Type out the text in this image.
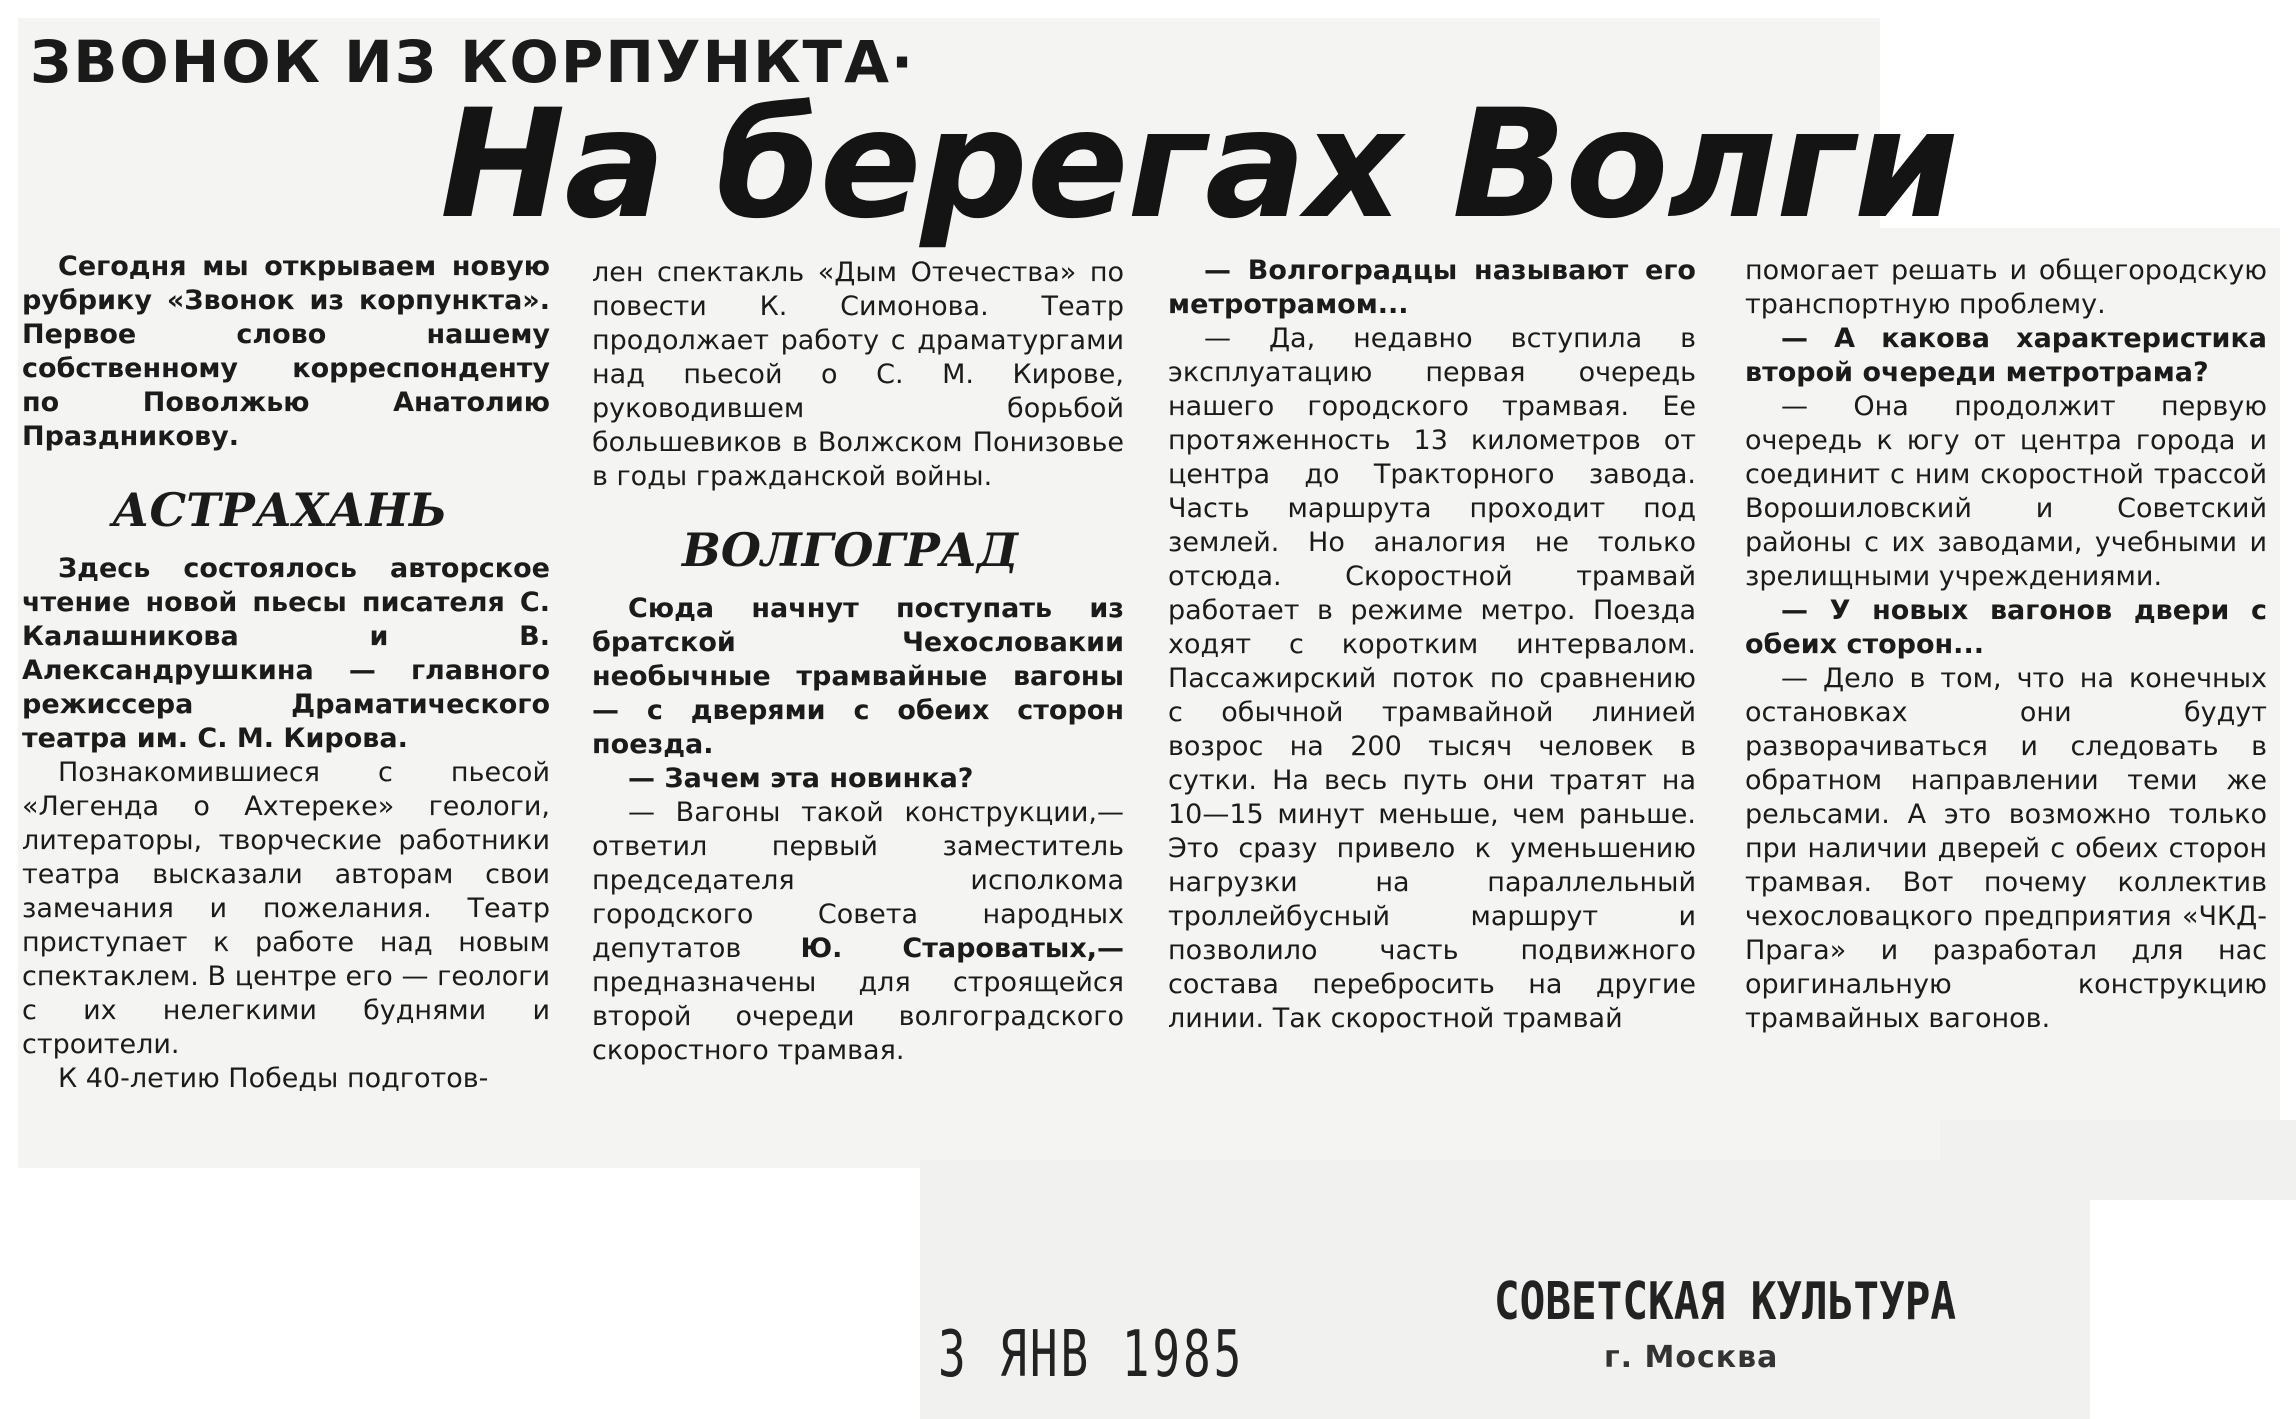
ЗВОНОК ИЗ КОРПУНКТА·
На берегах Волги

Сегодня мы открываем новую рубрику «Звонок из корпункта». Первое слово нашему собственному корреспонденту по Поволжью Анатолию Праздникову.

АСТРАХАНЬ

Здесь состоялось авторское чтение новой пьесы писателя С. Калашникова и В. Александрушкина — главного режиссера Драматического театра им. С. М. Кирова.

Познакомившиеся с пьесой «Легенда о Ахтереке» геологи, литераторы, творческие работники театра высказали авторам свои замечания и пожелания. Театр приступает к работе над новым спектаклем. В центре его — геологи с их нелегкими буднями и строители.

К 40-летию Победы подготов-

лен спектакль «Дым Отечества» по повести К. Симонова. Театр продолжает работу с драматургами над пьесой о С. М. Кирове, руководившем борьбой большевиков в Волжском Понизовье в годы гражданской войны.

ВОЛГОГРАД

Сюда начнут поступать из братской Чехословакии необычные трамвайные вагоны — с дверями с обеих сторон поезда.

— Зачем эта новинка?

— Вагоны такой конструкции,— ответил первый заместитель председателя исполкома городского Совета народных депутатов Ю. Староватых,— предназначены для строящейся второй очереди волгоградского скоростного трамвая.

— Волгоградцы называют его метротрамом...

— Да, недавно вступила в эксплуатацию первая очередь нашего городского трамвая. Ее протяженность 13 километров от центра до Тракторного завода. Часть маршрута проходит под землей. Но аналогия не только отсюда. Скоростной трамвай работает в режиме метро. Поезда ходят с коротким интервалом. Пассажирский поток по сравнению с обычной трамвайной линией возрос на 200 тысяч человек в сутки. На весь путь они тратят на 10—15 минут меньше, чем раньше. Это сразу привело к уменьшению нагрузки на параллельный троллейбусный маршрут и позволило часть подвижного состава перебросить на другие линии. Так скоростной трамвай

помогает решать и общегородскую транспортную проблему.

— А какова характеристика второй очереди метротрама?

— Она продолжит первую очередь к югу от центра города и соединит с ним скоростной трассой Ворошиловский и Советский районы с их заводами, учебными и зрелищными учреждениями.

— У новых вагонов двери с обеих сторон...

— Дело в том, что на конечных остановках они будут разворачиваться и следовать в обратном направлении теми же рельсами. А это возможно только при наличии дверей с обеих сторон трамвая. Вот почему коллектив чехословацкого предприятия «ЧКД-Прага» и разработал для нас оригинальную конструкцию трамвайных вагонов.

3 ЯНВ 1985
СОВЕТСКАЯ КУЛЬТУРА
г. Москва
